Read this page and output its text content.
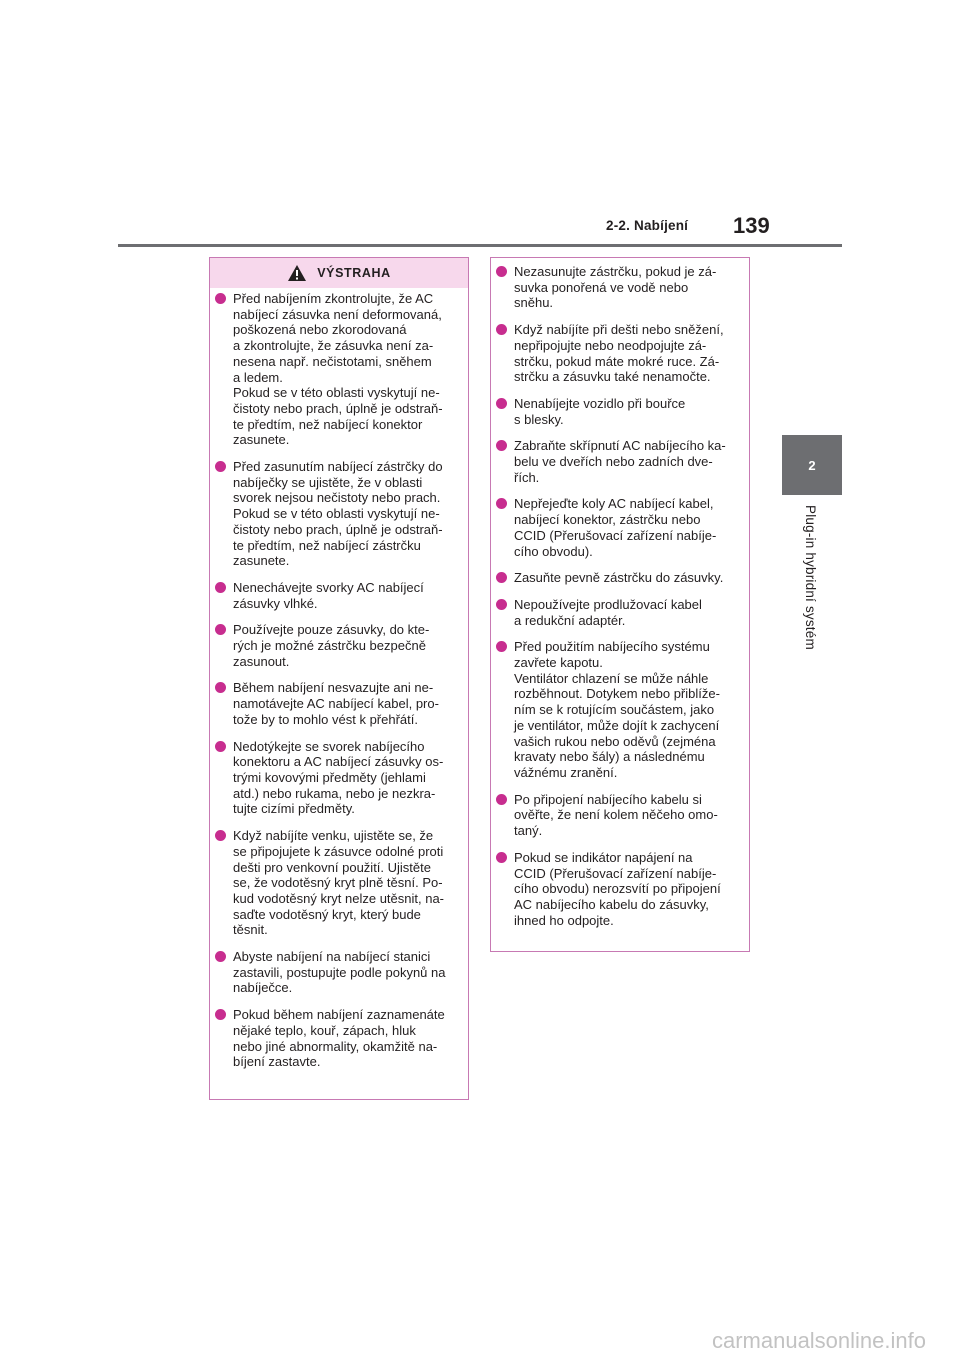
2-2. Nabíjení 139
2
Plug-in hybridní systém
VÝSTRAHA
Před nabíjením zkontrolujte, že AC
nabíjecí zásuvka není deformovaná,
poškozená nebo zkorodovaná
a zkontrolujte, že zásuvka není za-
nesena např. nečistotami, sněhem
a ledem.
Pokud se v této oblasti vyskytují ne-
čistoty nebo prach, úplně je odstraň-
te předtím, než nabíjecí konektor
zasunete.
Před zasunutím nabíjecí zástrčky do
nabíječky se ujistěte, že v oblasti
svorek nejsou nečistoty nebo prach.
Pokud se v této oblasti vyskytují ne-
čistoty nebo prach, úplně je odstraň-
te předtím, než nabíjecí zástrčku
zasunete.
Nenechávejte svorky AC nabíjecí
zásuvky vlhké.
Používejte pouze zásuvky, do kte-
rých je možné zástrčku bezpečně
zasunout.
Během nabíjení nesvazujte ani ne-
namotávejte AC nabíjecí kabel, pro-
tože by to mohlo vést k přehřátí.
Nedotýkejte se svorek nabíjecího
konektoru a AC nabíjecí zásuvky os-
trými kovovými předměty (jehlami
atd.) nebo rukama, nebo je nezkra-
tujte cizími předměty.
Když nabíjíte venku, ujistěte se, že
se připojujete k zásuvce odolné proti
dešti pro venkovní použití. Ujistěte
se, že vodotěsný kryt plně těsní. Po-
kud vodotěsný kryt nelze utěsnit, na-
saďte vodotěsný kryt, který bude
těsnit.
Abyste nabíjení na nabíjecí stanici
zastavili, postupujte podle pokynů na
nabíječce.
Pokud během nabíjení zaznamenáte
nějaké teplo, kouř, zápach, hluk
nebo jiné abnormality, okamžitě na-
bíjení zastavte.
Nezasunujte zástrčku, pokud je zá-
suvka ponořená ve vodě nebo
sněhu.
Když nabíjíte při dešti nebo sněžení,
nepřipojujte nebo neodpojujte zá-
strčku, pokud máte mokré ruce. Zá-
strčku a zásuvku také nenamočte.
Nenabíjejte vozidlo při bouřce
s blesky.
Zabraňte skřípnutí AC nabíjecího ka-
belu ve dveřích nebo zadních dve-
řích.
Nepřejeďte koly AC nabíjecí kabel,
nabíjecí konektor, zástrčku nebo
CCID (Přerušovací zařízení nabíje-
cího obvodu).
Zasuňte pevně zástrčku do zásuvky.
Nepoužívejte prodlužovací kabel
a redukční adaptér.
Před použitím nabíjecího systému
zavřete kapotu.
Ventilátor chlazení se může náhle
rozběhnout. Dotykem nebo přiblíže-
ním se k rotujícím součástem, jako
je ventilátor, může dojít k zachycení
vašich rukou nebo oděvů (zejména
kravaty nebo šály) a následnému
vážnému zranění.
Po připojení nabíjecího kabelu si
ověřte, že není kolem něčeho omo-
taný.
Pokud se indikátor napájení na
CCID (Přerušovací zařízení nabíje-
cího obvodu) nerozsvítí po připojení
AC nabíjecího kabelu do zásuvky,
ihned ho odpojte.
carmanualsonline.info
